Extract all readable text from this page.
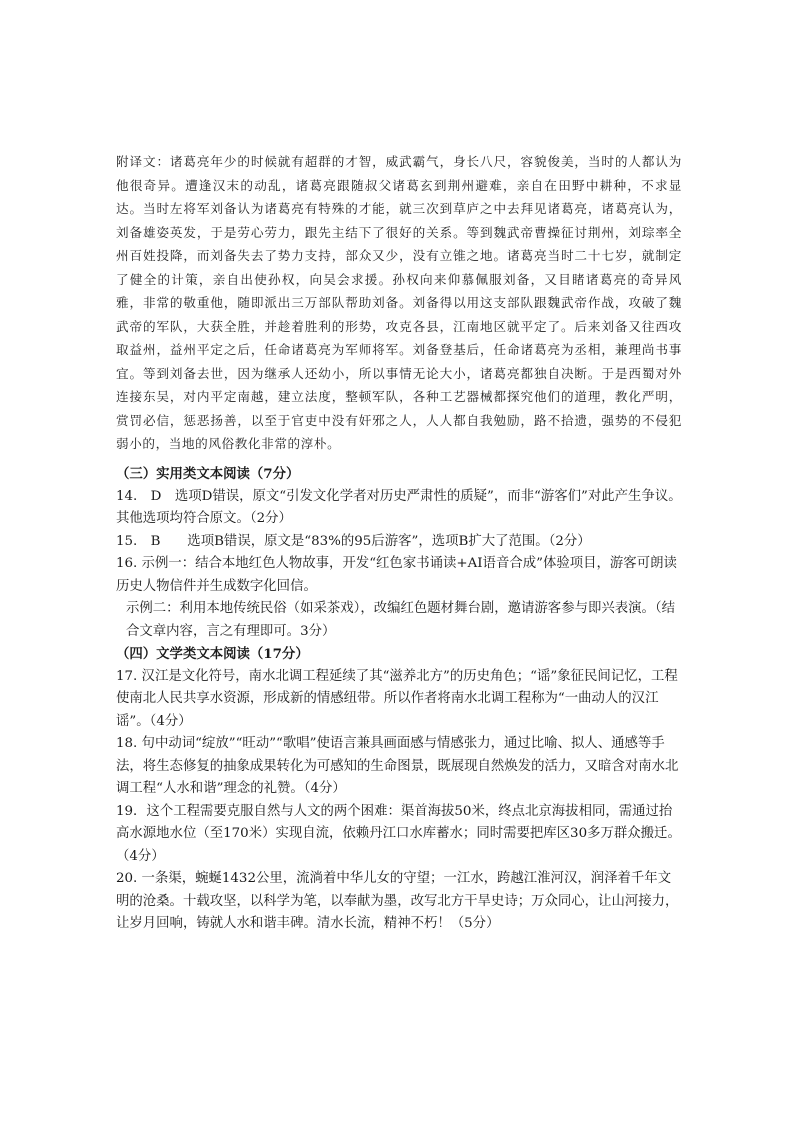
附译文：诸葛亮年少的时候就有超群的才智，威武霸气，身长八尺，容貌俊美，当时的人都认为他很奇异。遭逢汉末的动乱，诸葛亮跟随叔父诸葛玄到荆州避难，亲自在田野中耕种，不求显达。当时左将军刘备认为诸葛亮有特殊的才能，就三次到草庐之中去拜见诸葛亮，诸葛亮认为，刘备雄姿英发，于是劳心劳力，跟先主结下了很好的关系。等到魏武帝曹操征讨荆州，刘琮率全州百姓投降，而刘备失去了势力支持，部众又少，没有立锥之地。诸葛亮当时二十七岁，就制定了健全的计策，亲自出使孙权，向吴会求援。孙权向来仰慕佩服刘备，又目睹诸葛亮的奇异风雅，非常的敬重他，随即派出三万部队帮助刘备。刘备得以用这支部队跟魏武帝作战，攻破了魏武帝的军队，大获全胜，并趁着胜利的形势，攻克各县，江南地区就平定了。后来刘备又往西攻取益州，益州平定之后，任命诸葛亮为军师将军。刘备登基后，任命诸葛亮为丞相，兼理尚书事宜。等到刘备去世，因为继承人还幼小，所以事情无论大小，诸葛亮都独自决断。于是西蜀对外连接东吴，对内平定南越，建立法度，整顿军队，各种工艺器械都探究他们的道理，教化严明，赏罚必信，惩恶扬善，以至于官吏中没有奸邪之人，人人都自我勉励，路不拾遗，强势的不侵犯弱小的，当地的风俗教化非常的淳朴。

（三）实用类文本阅读（7分）

14.　D　选项D错误，原文“引发文化学者对历史严肃性的质疑”，而非“游客们”对此产生争议。 其他选项均符合原文。（2分）

15.　B　　选项B错误，原文是“83%的95后游客”，选项B扩大了范围。（2分）

16. 示例一：结合本地红色人物故事，开发“红色家书诵读+AI语音合成”体验项目，游客可朗读历史人物信件并生成数字化回信。

示例二：利用本地传统民俗（如采茶戏），改编红色题材舞台剧，邀请游客参与即兴表演。（结合文章内容，言之有理即可。3分）

（四）文学类文本阅读（17分）

17. 汉江是文化符号，南水北调工程延续了其“滋养北方”的历史角色；“谣”象征民间记忆，工程使南北人民共享水资源，形成新的情感纽带。所以作者将南水北调工程称为“一曲动人的汉江谣”。（4分）

18. 句中动词“绽放”“旺动”“歌唱”使语言兼具画面感与情感张力，通过比喻、拟人、通感等手法，将生态修复的抽象成果转化为可感知的生命图景，既展现自然焕发的活力，又暗含对南水北调工程“人水和谐”理念的礼赞。（4分）

19．这个工程需要克服自然与人文的两个困难：渠首海拔50米，终点北京海拔相同，需通过抬高水源地水位（至170米）实现自流，依赖丹江口水库蓄水；同时需要把库区30多万群众搬迁。（4分）

20. 一条渠，蜿蜒1432公里，流淌着中华儿女的守望；一江水，跨越江淮河汉，润泽着千年文明的沧桑。十载攻坚，以科学为笔，以奉献为墨，改写北方干旱史诗；万众同心，让山河接力，让岁月回响，铸就人水和谐丰碑。清水长流，精神不朽！（5分）
